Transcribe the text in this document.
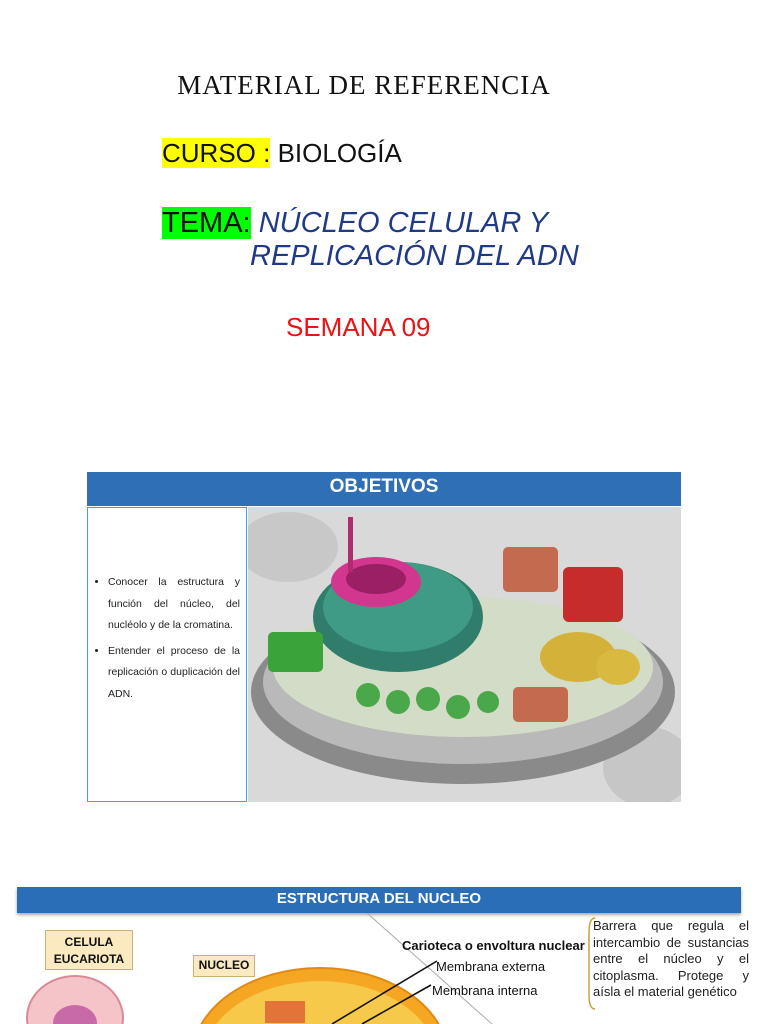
MATERIAL DE REFERENCIA
CURSO : BIOLOGÍA
TEMA: NÚCLEO CELULAR Y
REPLICACIÓN DEL ADN
SEMANA 09
OBJETIVOS
• Conocer la estructura y función del núcleo, del nucléolo y de la cromatina.
• Entender el proceso de la replicación o duplicación del ADN.
ESTRUCTURA DEL NUCLEO
CELULA EUCARIOTA	NUCLEO
Carioteca o envoltura nuclear
Membrana externa
Membrana interna
Barrera que regula el intercambio de sustancias entre el núcleo y el citoplasma. Protege y aísla el material genético
